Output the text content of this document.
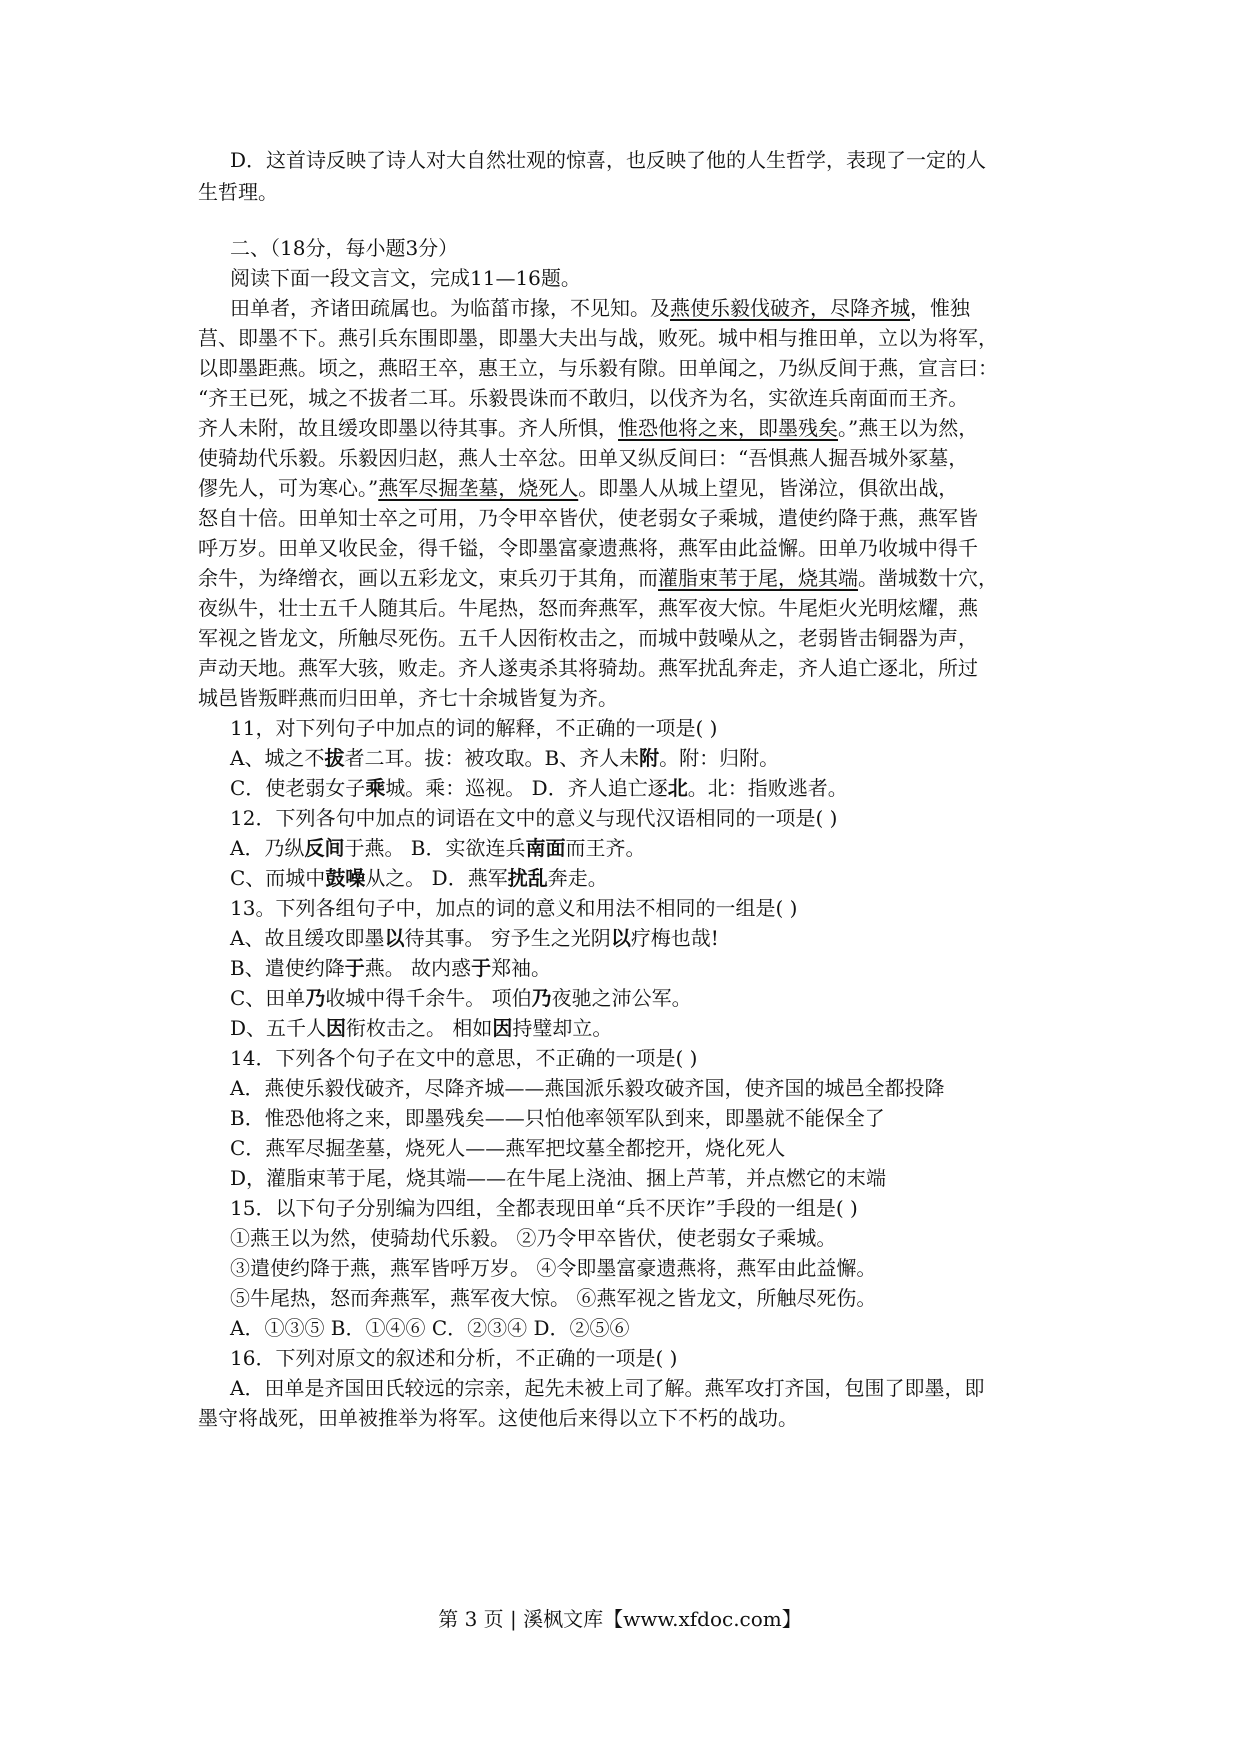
D．这首诗反映了诗人对大自然壮观的惊喜，也反映了他的人生哲学，表现了一定的人
生哲理。
二、（18分，每小题3分）
阅读下面一段文言文，完成11—16题。
田单者，齐诸田疏属也。为临菑市掾，不见知。及燕使乐毅伐破齐，尽降齐城，惟独
莒、即墨不下。燕引兵东围即墨，即墨大夫出与战，败死。城中相与推田单，立以为将军，
以即墨距燕。顷之，燕昭王卒，惠王立，与乐毅有隙。田单闻之，乃纵反间于燕，宣言曰：
“齐王已死，城之不拔者二耳。乐毅畏诛而不敢归，以伐齐为名，实欲连兵南面而王齐。
齐人未附，故且缓攻即墨以待其事。齐人所惧，惟恐他将之来，即墨残矣。”燕王以为然，
使骑劫代乐毅。乐毅因归赵，燕人士卒忿。田单又纵反间曰：“吾惧燕人掘吾城外冢墓，
僇先人，可为寒心。”燕军尽掘垄墓，烧死人。即墨人从城上望见，皆涕泣，俱欲出战，
怒自十倍。田单知士卒之可用，乃令甲卒皆伏，使老弱女子乘城，遣使约降于燕，燕军皆
呼万岁。田单又收民金，得千镒，令即墨富豪遗燕将，燕军由此益懈。田单乃收城中得千
余牛，为绛缯衣，画以五彩龙文，束兵刃于其角，而灌脂束苇于尾，烧其端。凿城数十穴，
夜纵牛，壮士五千人随其后。牛尾热，怒而奔燕军，燕军夜大惊。牛尾炬火光明炫耀，燕
军视之皆龙文，所触尽死伤。五千人因衔枚击之，而城中鼓噪从之，老弱皆击铜器为声，
声动天地。燕军大骇，败走。齐人遂夷杀其将骑劫。燕军扰乱奔走，齐人追亡逐北，所过
城邑皆叛畔燕而归田单，齐七十余城皆复为齐。
11，对下列句子中加点的词的解释，不正确的一项是( )
A、城之不拔者二耳。拔：被攻取。B、齐人未附。附：归附。
C．使老弱女子乘城。乘：巡视。 D．齐人追亡逐北。北：指败逃者。
12．下列各句中加点的词语在文中的意义与现代汉语相同的一项是( )
A．乃纵反间于燕。 B．实欲连兵南面而王齐。
C、而城中鼓噪从之。 D．燕军扰乱奔走。
13。下列各组句子中，加点的词的意义和用法不相同的一组是( )
A、故且缓攻即墨以待其事。 穷予生之光阴以疗梅也哉!
B、遣使约降于燕。 故内惑于郑袖。
C、田单乃收城中得千余牛。 项伯乃夜驰之沛公军。
D、五千人因衔枚击之。 相如因持璧却立。
14．下列各个句子在文中的意思，不正确的一项是( )
A．燕使乐毅伐破齐，尽降齐城——燕国派乐毅攻破齐国，使齐国的城邑全都投降
B．惟恐他将之来，即墨残矣——只怕他率领军队到来，即墨就不能保全了
C．燕军尽掘垄墓，烧死人——燕军把坟墓全都挖开，烧化死人
D，灌脂束苇于尾，烧其端——在牛尾上浇油、捆上芦苇，并点燃它的末端
15．以下句子分别编为四组，全都表现田单“兵不厌诈”手段的一组是( )
①燕王以为然，使骑劫代乐毅。 ②乃令甲卒皆伏，使老弱女子乘城。
③遣使约降于燕，燕军皆呼万岁。 ④令即墨富豪遗燕将，燕军由此益懈。
⑤牛尾热，怒而奔燕军，燕军夜大惊。 ⑥燕军视之皆龙文，所触尽死伤。
A．①③⑤ B．①④⑥ C．②③④ D．②⑤⑥
16．下列对原文的叙述和分析，不正确的一项是( )
A．田单是齐国田氏较远的宗亲，起先未被上司了解。燕军攻打齐国，包围了即墨，即
墨守将战死，田单被推举为将军。这使他后来得以立下不朽的战功。
第 3 页 | 溪枫文库【www.xfdoc.com】
